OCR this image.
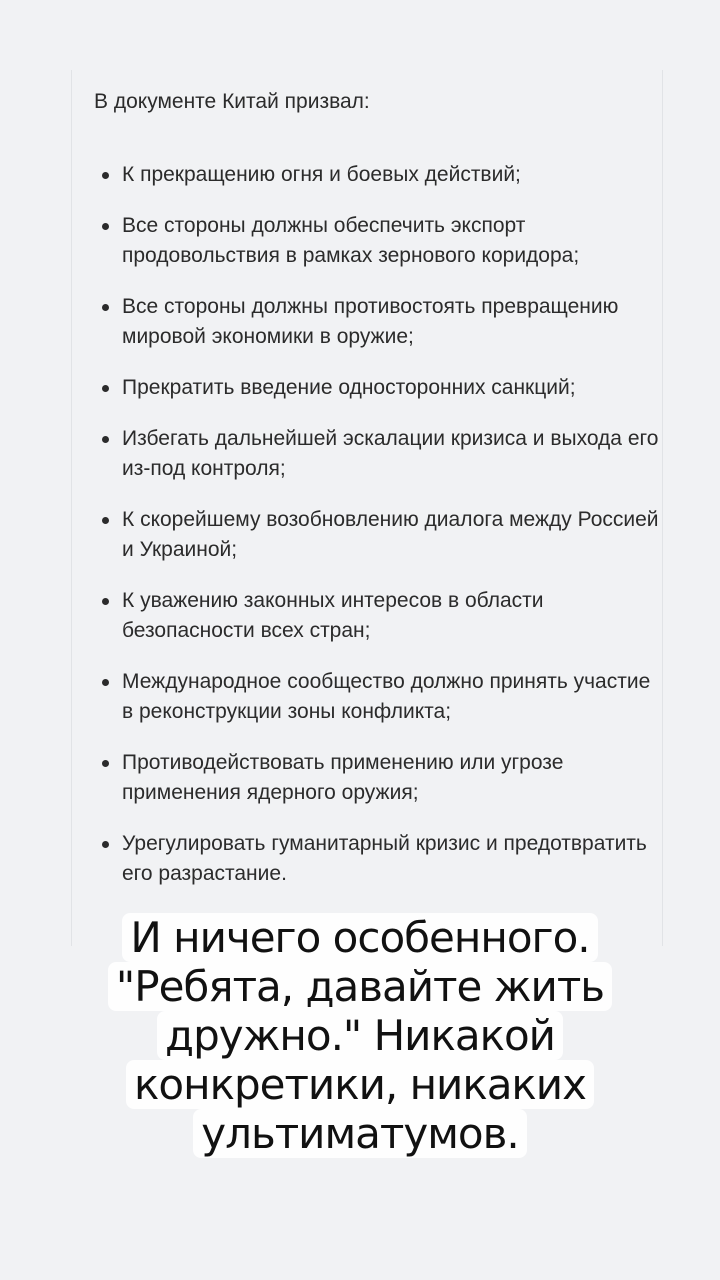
В документе Китай призвал:

К прекращению огня и боевых действий;
Все стороны должны обеспечить экспорт продовольствия в рамках зернового коридора;
Все стороны должны противостоять превращению мировой экономики в оружие;
Прекратить введение односторонних санкций;
Избегать дальнейшей эскалации кризиса и выхода его из-под контроля;
К скорейшему возобновлению диалога между Россией и Украиной;
К уважению законных интересов в области безопасности всех стран;
Международное сообщество должно принять участие в реконструкции зоны конфликта;
Противодействовать применению или угрозе применения ядерного оружия;
Урегулировать гуманитарный кризис и предотвратить его разрастание.
И ничего особенного.
"Ребята, давайте жить
дружно." Никакой
конкретики, никаких
ультиматумов.
